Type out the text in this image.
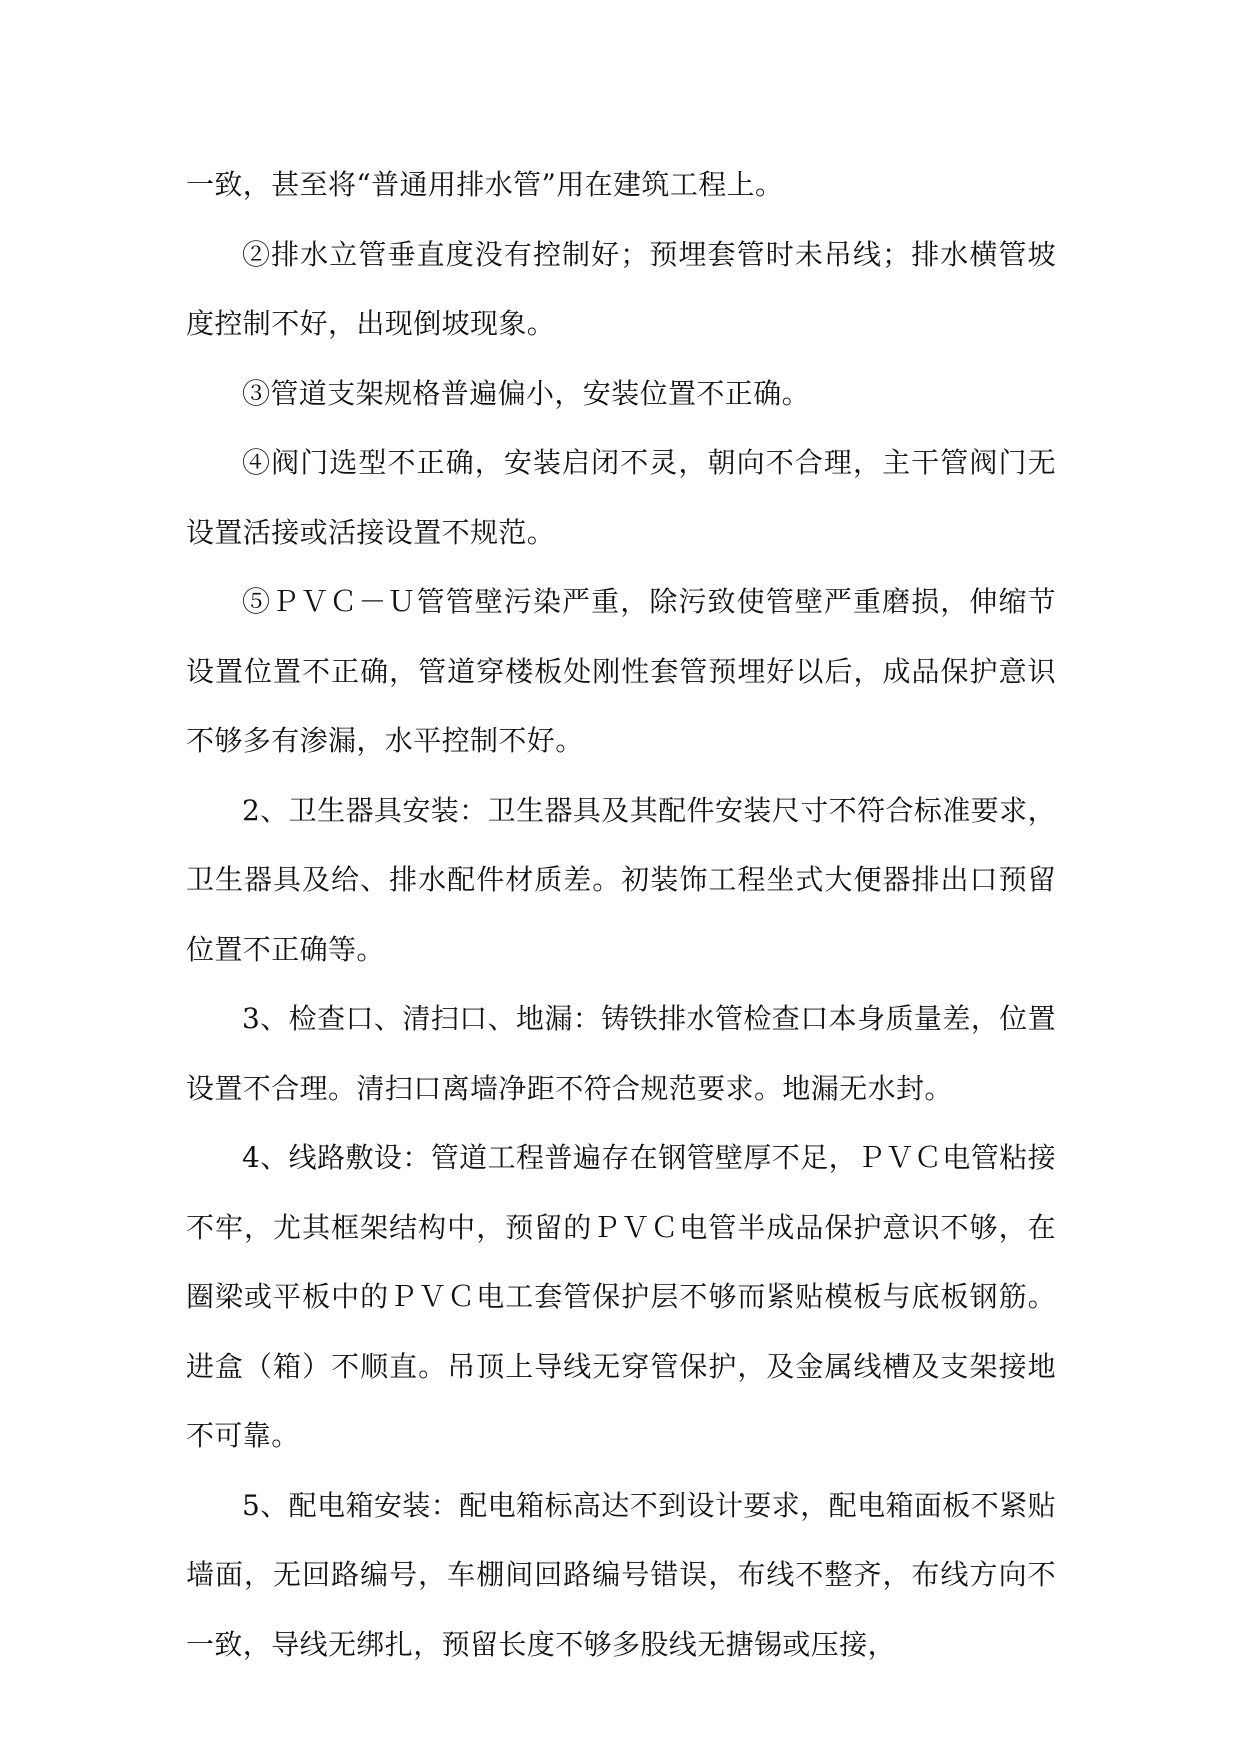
一致，甚至将“普通用排水管”用在建筑工程上。

②排水立管垂直度没有控制好；预埋套管时未吊线；排水横管坡度控制不好，出现倒坡现象。

③管道支架规格普遍偏小，安装位置不正确。

④阀门选型不正确，安装启闭不灵，朝向不合理，主干管阀门无设置活接或活接设置不规范。

⑤ＰＶＣ－Ｕ管管壁污染严重，除污致使管壁严重磨损，伸缩节设置位置不正确，管道穿楼板处刚性套管预埋好以后，成品保护意识不够多有渗漏，水平控制不好。

2、卫生器具安装：卫生器具及其配件安装尺寸不符合标准要求，卫生器具及给、排水配件材质差。初装饰工程坐式大便器排出口预留位置不正确等。

3、检查口、清扫口、地漏：铸铁排水管检查口本身质量差，位置设置不合理。清扫口离墙净距不符合规范要求。地漏无水封。

4、线路敷设：管道工程普遍存在钢管壁厚不足，ＰＶＣ电管粘接不牢，尤其框架结构中，预留的ＰＶＣ电管半成品保护意识不够，在圈梁或平板中的ＰＶＣ电工套管保护层不够而紧贴模板与底板钢筋。进盒（箱）不顺直。吊顶上导线无穿管保护，及金属线槽及支架接地不可靠。

5、配电箱安装：配电箱标高达不到设计要求，配电箱面板不紧贴墙面，无回路编号，车棚间回路编号错误，布线不整齐，布线方向不一致，导线无绑扎，预留长度不够多股线无搪锡或压接，
